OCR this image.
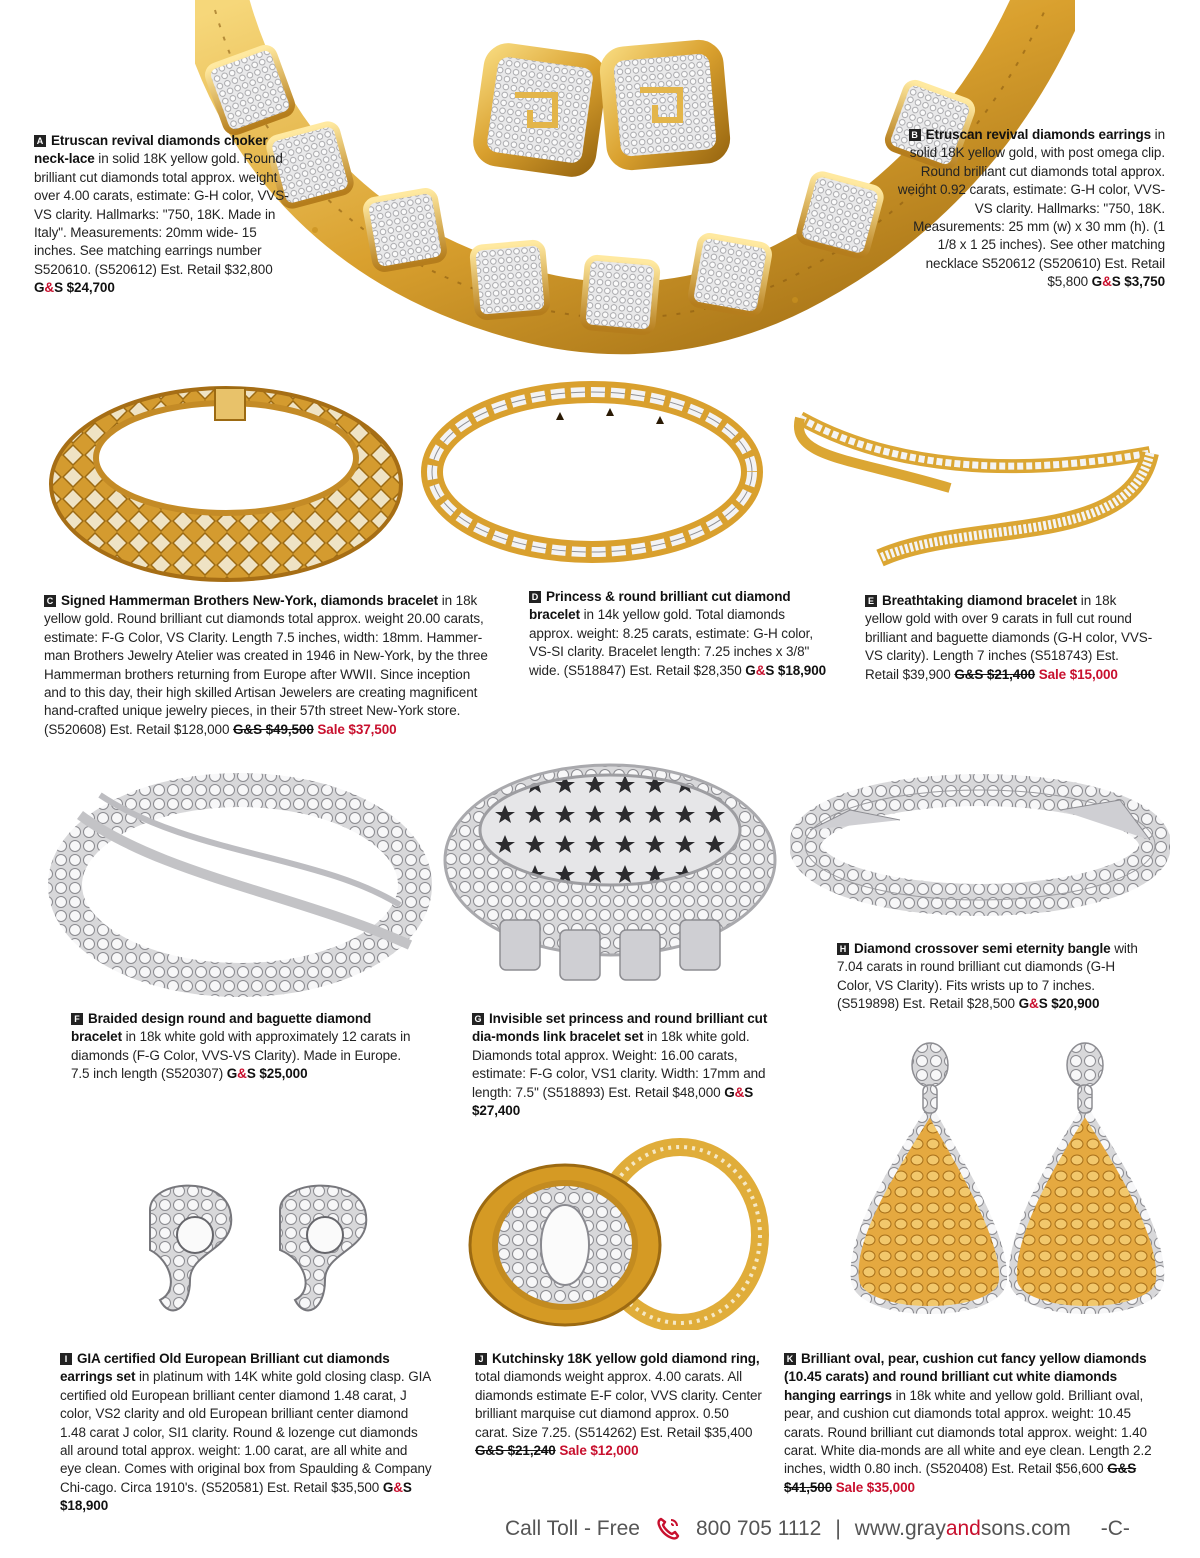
A Etruscan revival diamonds choker neck-lace in solid 18K yellow gold. Round brilliant cut diamonds total approx. weight over 4.00 carats, estimate: G-H color, VVS-VS clarity. Hallmarks: "750, 18K. Made in Italy". Measurements: 20mm wide- 15 inches. See matching earrings number S520610. (S520612) Est. Retail $32,800 G&S $24,700
B Etruscan revival diamonds earrings in solid 18K yellow gold, with post omega clip. Round brilliant cut diamonds total approx. weight 0.92 carats, estimate: G-H color, VVS-VS clarity. Hallmarks: "750, 18K. Measurements: 25 mm (w) x 30 mm (h). (1 1/8 x 1 25 inches). See other matching necklace S520612 (S520610) Est. Retail $5,800 G&S $3,750
C Signed Hammerman Brothers New-York, diamonds bracelet in 18k yellow gold. Round brilliant cut diamonds total approx. weight 20.00 carats, estimate: F-G Color, VS Clarity. Length 7.5 inches, width: 18mm. Hammer-man Brothers Jewelry Atelier was created in 1946 in New-York, by the three Hammerman brothers returning from Europe after WWII. Since inception and to this day, their high skilled Artisan Jewelers are creating magnificent hand-crafted unique jewelry pieces, in their 57th street New-York store. (S520608) Est. Retail $128,000 G&S $49,500 Sale $37,500
D Princess & round brilliant cut diamond bracelet in 14k yellow gold. Total diamonds approx. weight: 8.25 carats, estimate: G-H color, VS-SI clarity. Bracelet length: 7.25 inches x 3/8" wide. (S518847) Est. Retail $28,350 G&S $18,900
E Breathtaking diamond bracelet in 18k yellow gold with over 9 carats in full cut round brilliant and baguette diamonds (G-H color, VVS-VS clarity). Length 7 inches (S518743) Est. Retail $39,900 G&S $21,400 Sale $15,000
F Braided design round and baguette diamond bracelet in 18k white gold with approximately 12 carats in diamonds (F-G Color, VVS-VS Clarity). Made in Europe. 7.5 inch length (S520307) G&S $25,000
G Invisible set princess and round brilliant cut dia-monds link bracelet set in 18k white gold. Diamonds total approx. Weight: 16.00 carats, estimate: F-G color, VS1 clarity. Width: 17mm and length: 7.5'' (S518893) Est. Retail $48,000 G&S $27,400
H Diamond crossover semi eternity bangle with 7.04 carats in round brilliant cut diamonds (G-H Color, VS Clarity). Fits wrists up to 7 inches. (S519898) Est. Retail $28,500 G&S $20,900
I GIA certified Old European Brilliant cut diamonds earrings set in platinum with 14K white gold closing clasp. GIA certified old European brilliant center diamond 1.48 carat, J color, VS2 clarity and old European brilliant center diamond 1.48 carat J color, SI1 clarity. Round & lozenge cut diamonds all around total approx. weight: 1.00 carat, are all white and eye clean. Comes with original box from Spaulding & Company Chi-cago. Circa 1910's. (S520581) Est. Retail $35,500 G&S $18,900
J Kutchinsky 18K yellow gold diamond ring, total diamonds weight approx. 4.00 carats. All diamonds estimate E-F color, VVS clarity. Center brilliant marquise cut diamond approx. 0.50 carat. Size 7.25. (S514262) Est. Retail $35,400 G&S $21,240 Sale $12,000
K Brilliant oval, pear, cushion cut fancy yellow diamonds (10.45 carats) and round brilliant cut white diamonds hanging earrings in 18k white and yellow gold. Brilliant oval, pear, and cushion cut diamonds total approx. weight: 10.45 carats. Round brilliant cut diamonds total approx. weight: 1.40 carat. White dia-monds are all white and eye clean. Length 2.2 inches, width 0.80 inch. (S520408) Est. Retail $56,600 G&S $41,500 Sale $35,000
Call Toll - Free	800 705 1112 | www.grayandsons.com -C-
